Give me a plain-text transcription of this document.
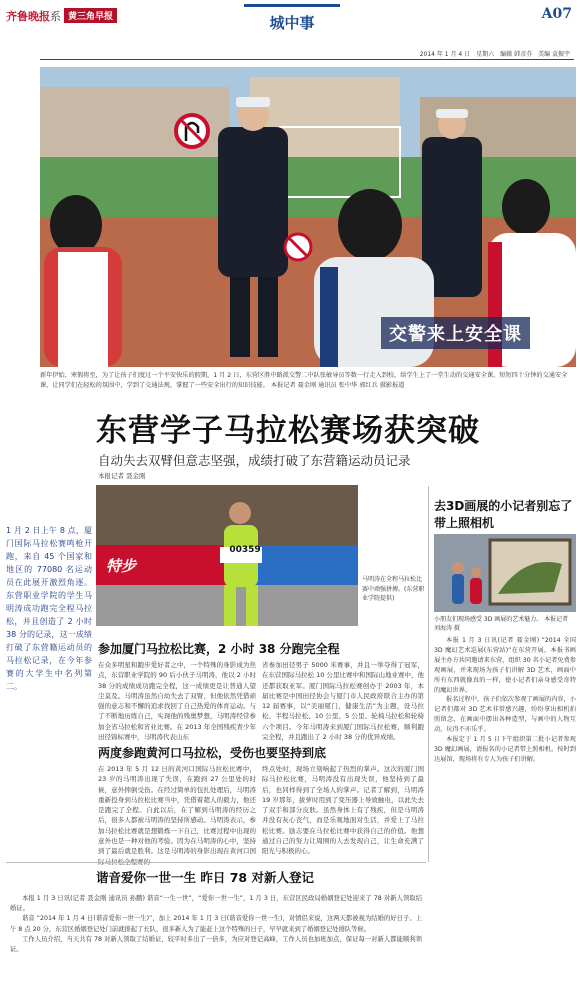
齐鲁晚报系 黄三角早报	城中事	A07
2014 年 1 月 4 日 星期六 编辑 韩彦芬 美编 袁振宇
交警来上安全课
新年伊始，寒假将至，为了让孩子们度过一个平安快乐的假期，1 月 2 日，东营区胜中路派交警二中队张敏导员等数一行走入到校，给学生上了一堂生动的交通安全课。短短四十分钟的交通安全课，让同学们在轻松的氛围中，学到了交通法规，掌握了一些安全出行的知识技能。 本报记者 聂金刚 通讯员 张中华 郭红兵 摄影报道
东营学子马拉松赛场获突破
自动失去双臂但意志坚强，成绩打破了东营籍运动员记录
本报记者 聂金刚
1 月 2 日上午 8 点，厦门国际马拉松赛鸣枪开跑，来自 45 个国家和地区的 77080 名运动员在此展开激烈角逐。东营职业学院的学生马明涛成功跑完全程马拉松，并且创造了 2 小时 38 分的记录，这一成绩打破了东营籍运动员的马拉松记录，在今年参赛的大学生中名列第二。
00359
特步
马明涛在全程马拉松比赛中顽强拼搏。(东营职业学院提供)
参加厦门马拉松比赛，2 小时 38 分跑完全程
在众多明星和跑步爱好者之中，一个特殊的身影成为焦点，东营职业学院的 90 后小伙子马明涛，他以 2 小时 38 分的成绩成功跑完全程，这一成绩更是让普通人望尘莫及。马明涛虽然自幼失去了双臂，但他依然凭借顽强的意志和不懈的追求找回了自己热爱的体育运动。与了不断地历练自己，实现他的残奥梦想，马明涛经常参加全省马拉松和省业比赛。在 2013 年全国残疾青少年田径锦标赛中，马明涛代表山东
省参加田径男子 5000 米赛事，并且一举夺得了冠军，在东营国际马拉松 10 公里比赛中和国际山地业赛中，他还都获取亚军。厦门国际马拉松赛创办于 2003 年，本届比赛是中国田径协会与厦门市人民政府联合主办的第 12 届赛事，以“美丽厦门，健康生活”为主题，设马拉松、半程马拉松、10 公里、5 公里、轮椅马拉松和轮椅六个项目。今年马明涛来到厦门国际马拉松赛，顺利跑完全程，并且跑出了 2 小时 38 分的优异成绩。
两度参跑黄河口马拉松，受伤也要坚持到底
在 2013 年 5 月 12 日的黄河口国际马拉松比赛中，23 岁的马明涛出现了失误，在跑到 27 公里处的时候，意外摔倒受伤。在经过简单的包扎处理后，马明涛重新投身到马拉松比赛当中，凭借着超人的毅力，他还是跑完了全程。自此以后，在了解到马明涛的经历之后，很多人都被马明涛的坚持所感动。马明涛表示，参加马拉松比赛就是想锻炼一下自己，比赛过程中出现的意外也是一种对他的考验。因为在马明涛的心中，坚持到了最后就是胜利。这是马明涛的身影出现在黄河口国
终点处时，现场立刻响起了热烈的掌声。这次的厦门国际马拉松比赛，马明涛没有出现失误，他坚持到了最后，也同样得到了全场人的掌声。记者了解到，马明涛 19 岁那年，拔萝时用到了变压器上导致触电，以此失去了双手和部分皮肤。虽然身体上有了残疾，但是马明涛并没有灰心丧气，而是乐观地面对生活，并爱上了马拉松比赛。励志要在马拉松比赛中获得自己的价值。他想通过自己的努力让周围的人去发现自己，让生命充满了阳光与积极的心。
去3D画展的小记者别忘了带上照相机
小朋友们现场感受 3D 画展的艺术魅力。 本报记者 刘海涛 摄

本报 1 月 3 日讯(记者 聂金刚) “2014 全国 3D 魔幻艺术巡展(东营站)”在东营开展，本报书画展主办方共同邀请来东营，组织 30 名小记者免费参观画展，并来现场为孩子们讲解 3D 艺术，画面中所有东西就像真的一样，使小记者们亲身感受奇特的魔幻世界。

报名过程中，孩子们依次参观了画展的内容，小记者们都对 3D 艺术非常感兴趣，纷纷拿出相机拍照留念，在画面中摆出各种造型，与画中的人物互动，玩得不亦乐乎。

本报定于 1 月 5 日下午组织第二批小记者参观 3D 魔幻画展，请报名的小记者带上照相机，按时到达展馆，现场将有专人为孩子们讲解。

谐音爱你一世一生 昨日 78 对新人登记

本报 1 月 3 日讯(记者 聂金刚 通讯员 孙鹏) 谐音“一生一世”，“爱你一世一生”，1 月 3 日，东营区民政局婚姻登记处迎来了 78 对新人领取结婚证。

谐音 “2014 年 1 月 4 日(谐音爱你一世一生)”，加上 2014 年 1 月 3 日(谐音爱你一世一生)，对情侣来说，这两天都被视为结婚的好日子。上午 8 点 20 分，东营区婚姻登记处门前就排起了长队，很多新人为了能赶上这个特殊的日子，早早就来到了婚姻登记处排队等候。

工作人员介绍，当天共有 78 对新人领取了结婚证，较平时多出了一倍多，为应对登记高峰，工作人员也加班加点，保证每一对新人都能顺利领证。
